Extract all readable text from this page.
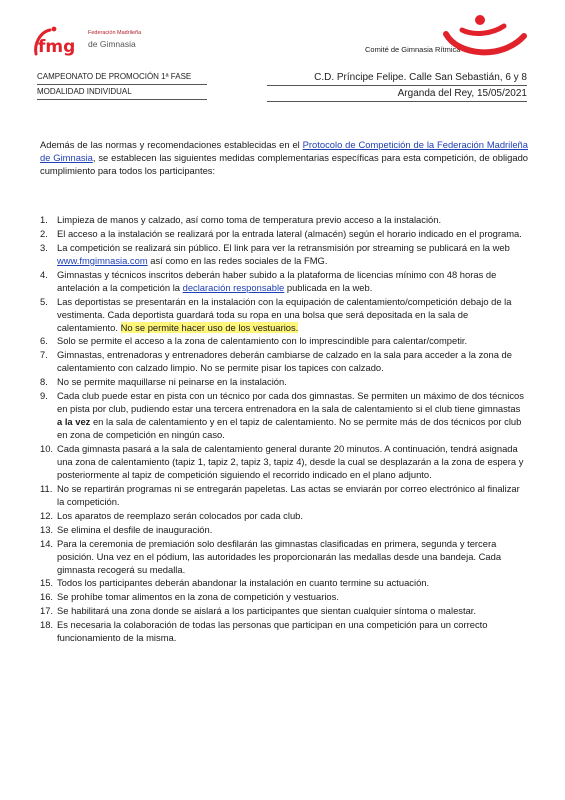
fmg
Federación Madrileña
de Gimnasia
Comité de Gimnasia Rítmica
CAMPEONATO DE PROMOCIÓN 1ª FASE
MODALIDAD INDIVIDUAL
C.D. Príncipe Felipe. Calle San Sebastián, 6 y 8
Arganda del Rey, 15/05/2021
Además de las normas y recomendaciones establecidas en el Protocolo de Competición de la Federación Madrileña de Gimnasia, se establecen las siguientes medidas complementarias específicas para esta competición, de obligado cumplimiento para todos los participantes:
1. Limpieza de manos y calzado, así como toma de temperatura previo acceso a la instalación.
2. El acceso a la instalación se realizará por la entrada lateral (almacén) según el horario indicado en el programa.
3. La competición se realizará sin público. El link para ver la retransmisión por streaming se publicará en la web www.fmgimnasia.com así como en las redes sociales de la FMG.
4. Gimnastas y técnicos inscritos deberán haber subido a la plataforma de licencias mínimo con 48 horas de antelación a la competición la declaración responsable publicada en la web.
5. Las deportistas se presentarán en la instalación con la equipación de calentamiento/competición debajo de la vestimenta. Cada deportista guardará toda su ropa en una bolsa que será depositada en la sala de calentamiento. No se permite hacer uso de los vestuarios.
6. Solo se permite el acceso a la zona de calentamiento con lo imprescindible para calentar/competir.
7. Gimnastas, entrenadoras y entrenadores deberán cambiarse de calzado en la sala para acceder a la zona de calentamiento con calzado limpio. No se permite pisar los tapices con calzado.
8. No se permite maquillarse ni peinarse en la instalación.
9. Cada club puede estar en pista con un técnico por cada dos gimnastas. Se permiten un máximo de dos técnicos en pista por club, pudiendo estar una tercera entrenadora en la sala de calentamiento si el club tiene gimnastas a la vez en la sala de calentamiento y en el tapiz de calentamiento. No se permite más de dos técnicos por club en zona de competición en ningún caso.
10. Cada gimnasta pasará a la sala de calentamiento general durante 20 minutos. A continuación, tendrá asignada una zona de calentamiento (tapiz 1, tapiz 2, tapiz 3, tapiz 4), desde la cual se desplazarán a la zona de espera y posteriormente al tapiz de competición siguiendo el recorrido indicado en el plano adjunto.
11. No se repartirán programas ni se entregarán papeletas. Las actas se enviarán por correo electrónico al finalizar la competición.
12. Los aparatos de reemplazo serán colocados por cada club.
13. Se elimina el desfile de inauguración.
14. Para la ceremonia de premiación solo desfilarán las gimnastas clasificadas en primera, segunda y tercera posición. Una vez en el pódium, las autoridades les proporcionarán las medallas desde una bandeja. Cada gimnasta recogerá su medalla.
15. Todos los participantes deberán abandonar la instalación en cuanto termine su actuación.
16. Se prohíbe tomar alimentos en la zona de competición y vestuarios.
17. Se habilitará una zona donde se aislará a los participantes que sientan cualquier síntoma o malestar.
18. Es necesaria la colaboración de todas las personas que participan en una competición para un correcto funcionamiento de la misma.
